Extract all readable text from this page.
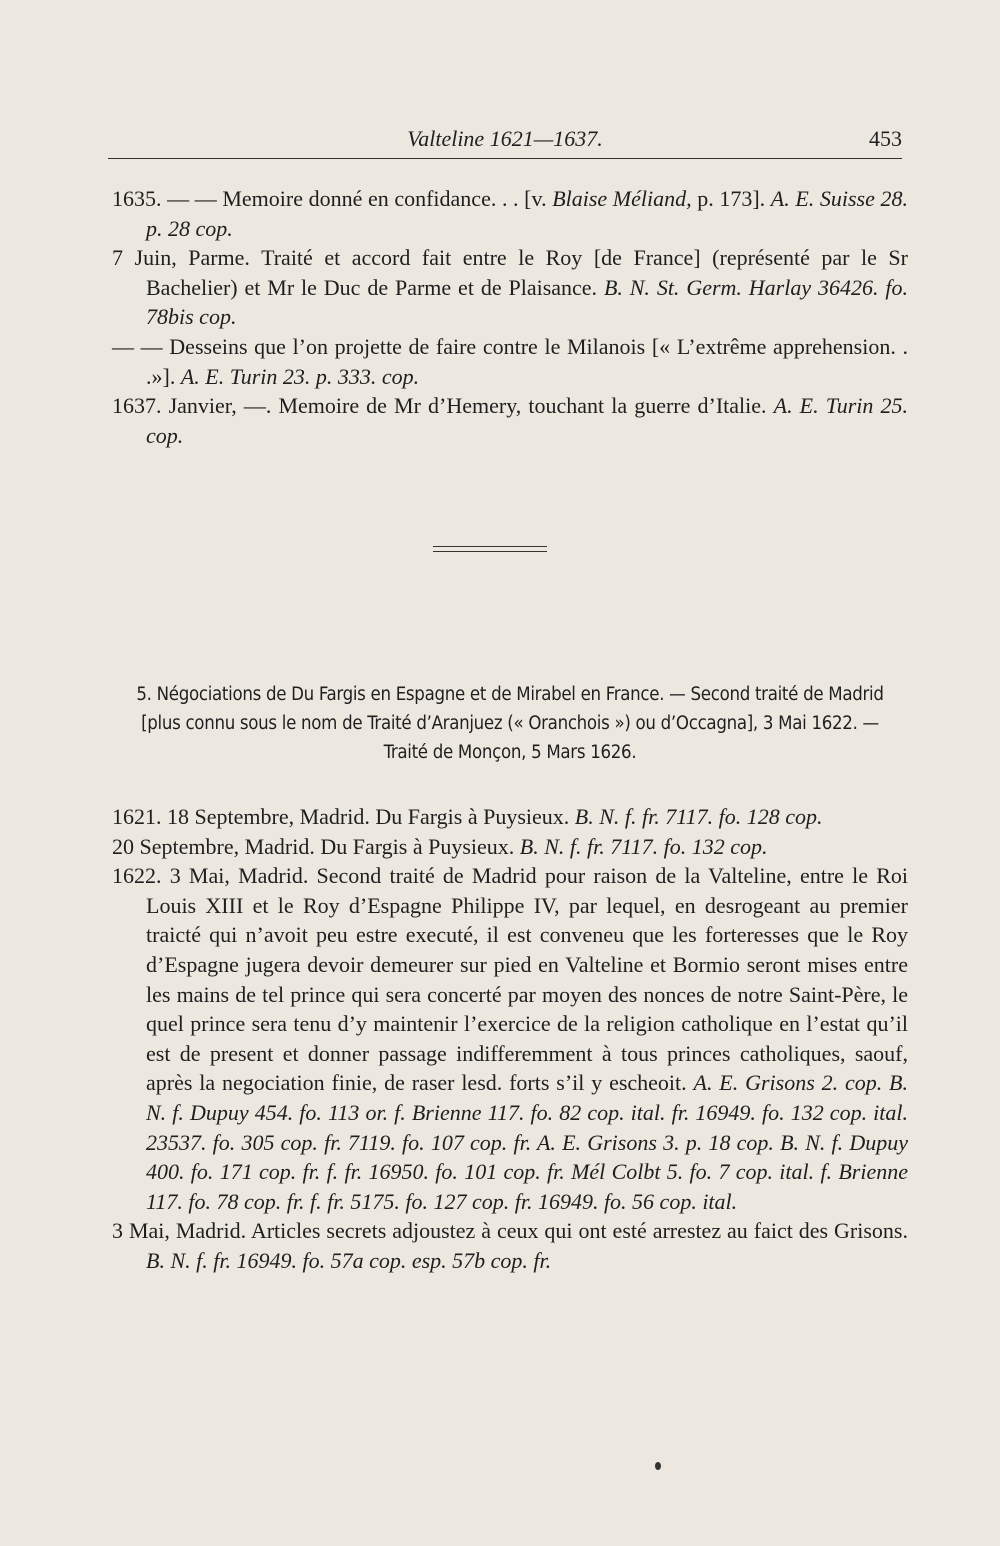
Valteline 1621—1637.	453

1635. — — Memoire donné en confidance. . . [v. Blaise Méliand, p. 173]. A. E. Suisse 28. p. 28 cop.

7 Juin, Parme. Traité et accord fait entre le Roy [de France] (représenté par le Sr Bachelier) et Mr le Duc de Parme et de Plaisance. B. N. St. Germ. Harlay 36426. fo. 78bis cop.

— — Desseins que l’on projette de faire contre le Milanois [« L’extrême apprehension. . .»]. A. E. Turin 23. p. 333. cop.

1637. Janvier, —. Memoire de Mr d’Hemery, touchant la guerre d’Italie. A. E. Turin 25. cop.

5. Négociations de Du Fargis en Espagne et de Mirabel en France. — Second traité de Madrid [plus connu sous le nom de Traité d’Aranjuez (« Oranchois ») ou d’Occagna], 3 Mai 1622. — Traité de Monçon, 5 Mars 1626.

1621. 18 Septembre, Madrid. Du Fargis à Puysieux. B. N. f. fr. 7117. fo. 128 cop.

20 Septembre, Madrid. Du Fargis à Puysieux. B. N. f. fr. 7117. fo. 132 cop.

1622. 3 Mai, Madrid. Second traité de Madrid pour raison de la Valteline, entre le Roi Louis XIII et le Roy d’Espagne Philippe IV, par lequel, en desrogeant au premier traicté qui n’avoit peu estre executé, il est conveneu que les forteresses que le Roy d’Espagne jugera devoir demeurer sur pied en Valteline et Bormio seront mises entre les mains de tel prince qui sera concerté par moyen des nonces de notre Saint-Père, le quel prince sera tenu d’y maintenir l’exercice de la religion catholique en l’estat qu’il est de present et donner passage indifferemment à tous princes catholiques, saouf, après la negociation finie, de raser lesd. forts s’il y escheoit. A. E. Grisons 2. cop. B. N. f. Dupuy 454. fo. 113 or. f. Brienne 117. fo. 82 cop. ital. fr. 16949. fo. 132 cop. ital. 23537. fo. 305 cop. fr. 7119. fo. 107 cop. fr. A. E. Grisons 3. p. 18 cop. B. N. f. Dupuy 400. fo. 171 cop. fr. f. fr. 16950. fo. 101 cop. fr. Mél Colbt 5. fo. 7 cop. ital. f. Brienne 117. fo. 78 cop. fr. f. fr. 5175. fo. 127 cop. fr. 16949. fo. 56 cop. ital.

3 Mai, Madrid. Articles secrets adjoustez à ceux qui ont esté arrestez au faict des Grisons. B. N. f. fr. 16949. fo. 57a cop. esp. 57b cop. fr.
